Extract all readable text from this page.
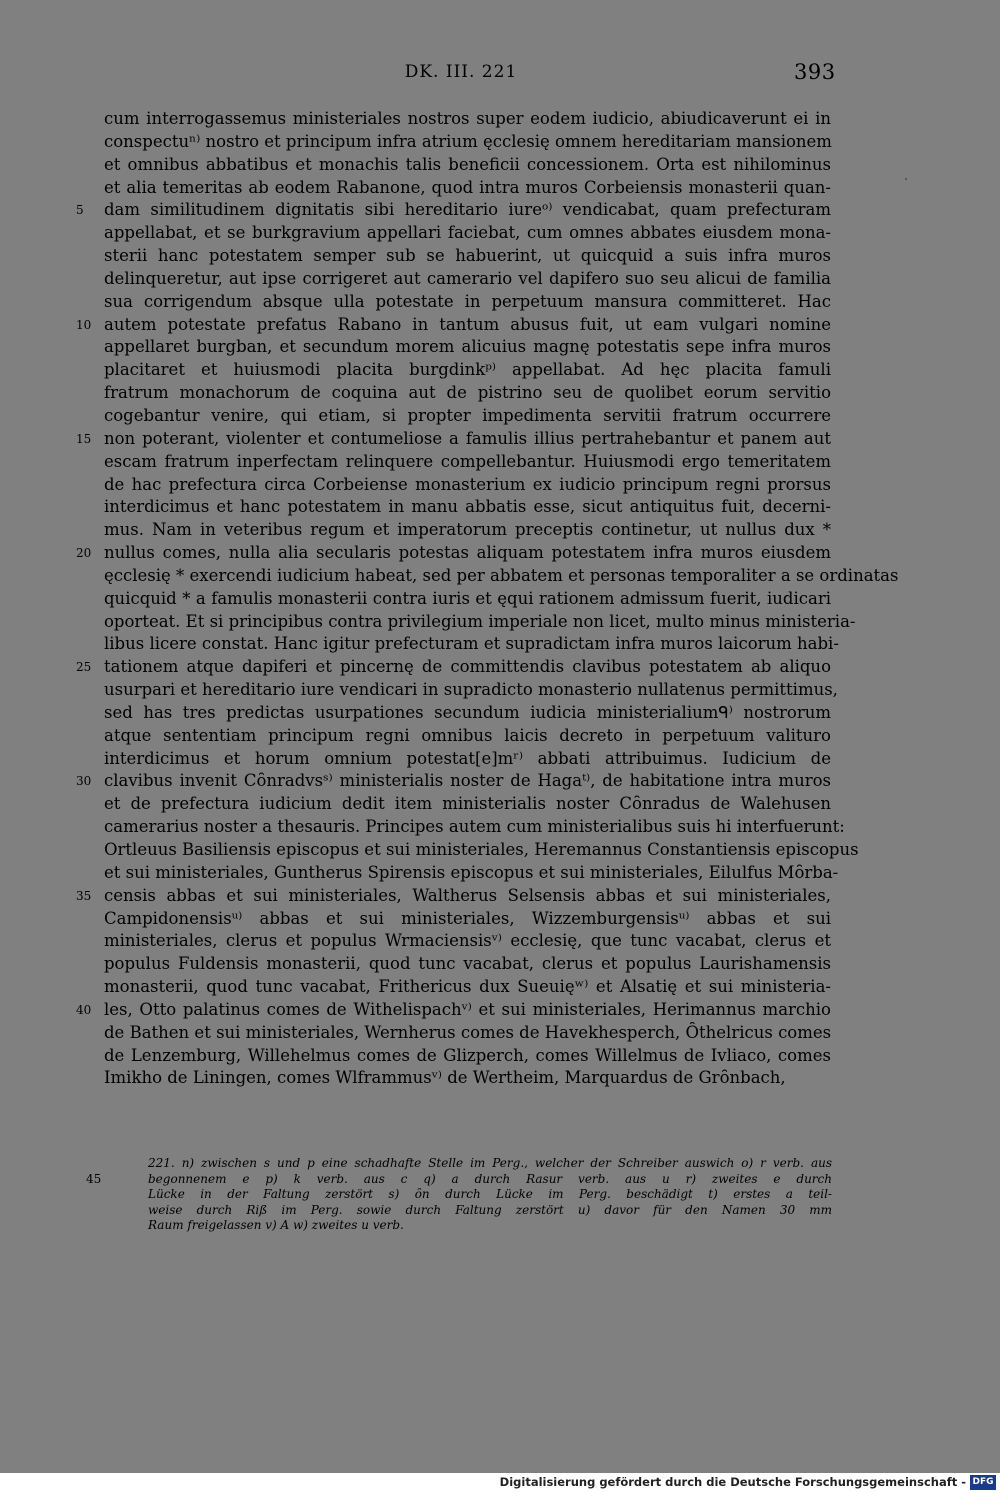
DK. III. 221	393
cum interrogassemus ministeriales nostros super eodem iudicio, abiudicaverunt ei in
conspectuⁿ⁾ nostro et principum infra atrium ęcclesię omnem hereditariam mansionem
et omnibus abbatibus et monachis talis beneficii concessionem. Orta est nihilominus
et alia temeritas ab eodem Rabanone, quod intra muros Corbeiensis monasterii quan-
5	dam similitudinem dignitatis sibi hereditario iureᵒ⁾ vendicabat, quam prefecturam
appellabat, et se burkgravium appellari faciebat, cum omnes abbates eiusdem mona-
sterii hanc potestatem semper sub se habuerint, ut quicquid a suis infra muros
delinqueretur, aut ipse corrigeret aut camerario vel dapifero suo seu alicui de familia
sua corrigendum absque ulla potestate in perpetuum mansura committeret. Hac
10 autem potestate prefatus Rabano in tantum abusus fuit, ut eam vulgari nomine
appellaret burgban, et secundum morem alicuius magnę potestatis sepe infra muros
placitaret et huiusmodi placita burgdinkᵖ⁾ appellabat. Ad hęc placita famuli
fratrum monachorum de coquina aut de pistrino seu de quolibet eorum servitio
cogebantur venire, qui etiam, si propter impedimenta servitii fratrum occurrere
15 non poterant, violenter et contumeliose a famulis illius pertrahebantur et panem aut
escam fratrum inperfectam relinquere compellebantur. Huiusmodi ergo temeritatem
de hac prefectura circa Corbeiense monasterium ex iudicio principum regni prorsus
interdicimus et hanc potestatem in manu abbatis esse, sicut antiquitus fuit, decerni-
mus. Nam in veteribus regum et imperatorum preceptis continetur, ut nullus dux *
20 nullus comes, nulla alia secularis potestas aliquam potestatem infra muros eiusdem
ęcclesię * exercendi iudicium habeat, sed per abbatem et personas temporaliter a se ordinatas
quicquid * a famulis monasterii contra iuris et ęqui rationem admissum fuerit, iudicari
oporteat. Et si principibus contra privilegium imperiale non licet, multo minus ministeria-
libus licere constat. Hanc igitur prefecturam et supradictam infra muros laicorum habi-
25 tationem atque dapiferi et pincernę de committendis clavibus potestatem ab aliquo
usurpari et hereditario iure vendicari in supradicto monasterio nullatenus permittimus,
sed has tres predictas usurpationes secundum iudicia ministerialiumᑫ⁾ nostrorum
atque sententiam principum regni omnibus laicis decreto in perpetuum valituro
interdicimus et horum omnium potestat[e]mʳ⁾ abbati attribuimus. Iudicium de
30 clavibus invenit Cȏnradvsˢ⁾ ministerialis noster de Hagaᵗ⁾, de habitatione intra muros
et de prefectura iudicium dedit item ministerialis noster Cȏnradus de Walehusen
camerarius noster a thesauris. Principes autem cum ministerialibus suis hi interfuerunt:
Ortleuus Basiliensis episcopus et sui ministeriales, Heremannus Constantiensis episcopus
et sui ministeriales, Guntherus Spirensis episcopus et sui ministeriales, Eilulfus Mȏrba-
35 censis abbas et sui ministeriales, Waltherus Selsensis abbas et sui ministeriales,
Campidonensisᵘ⁾ abbas et sui ministeriales, Wizzemburgensisᵘ⁾ abbas et sui
ministeriales, clerus et populus Wrmaciensisᵛ⁾ ecclesię, que tunc vacabat, clerus et
populus Fuldensis monasterii, quod tunc vacabat, clerus et populus Laurishamensis
monasterii, quod tunc vacabat, Frithericus dux Sueuięʷ⁾ et Alsatię et sui ministeria-
40 les, Otto palatinus comes de Withelispachᵛ⁾ et sui ministeriales, Herimannus marchio
de Bathen et sui ministeriales, Wernherus comes de Havekhesperch, Ȏthelricus comes
de Lenzemburg, Willehelmus comes de Glizperch, comes Willelmus de Ivliaco, comes
Imikho de Liningen, comes Wlframmusᵛ⁾ de Wertheim, Marquardus de Grȏnbach,
221. n) zwischen s und p eine schadhafte Stelle im Perg., welcher der Schreiber auswich o) r verb. aus
45	begonnenem e p) k verb. aus c q) a durch Rasur verb. aus u r) zweites e durch
Lücke in der Faltung zerstört s) ȏn durch Lücke im Perg. beschädigt t) erstes a teil-
weise durch Riß im Perg. sowie durch Faltung zerstört u) davor für den Namen 30 mm
Raum freigelassen v) A w) zweites u verb.
Digitalisierung gefördert durch die Deutsche Forschungsgemeinschaft - DFG
